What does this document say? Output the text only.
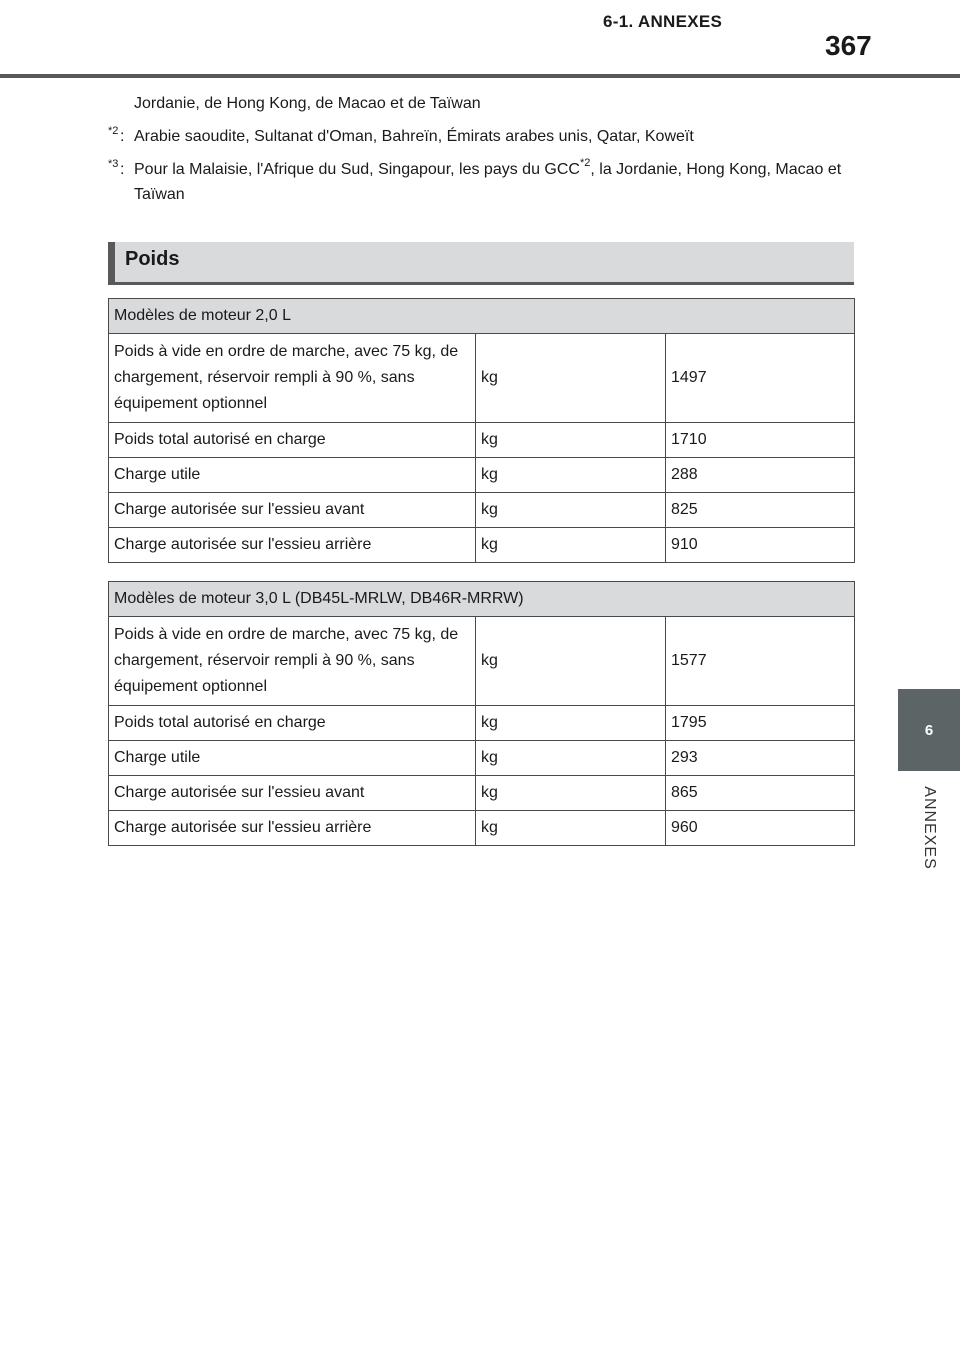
6-1. ANNEXES
367
6
ANNEXES

Jordanie, de Hong Kong, de Macao et de Taïwan

*2 : Arabie saoudite, Sultanat d'Oman, Bahreïn, Émirats arabes unis, Qatar, Koweït

*3 : Pour la Malaisie, l'Afrique du Sud, Singapour, les pays du GCC$^{*2}$, la Jordanie, Hong Kong, Macao et Taïwan

Poids
Modèles de moteur 2,0 L		
Poids à vide en ordre de marche, avec 75 kg, de chargement, réservoir rempli à 90 %, sans équipement optionnel	kg	1497
Poids total autorisé en charge	kg	1710
Charge utile	kg	288
Charge autorisée sur l'essieu avant	kg	825
Charge autorisée sur l'essieu arrière	kg	910
Modèles de moteur 3,0 L (DB45L-MRLW, DB46R-MRRW)		
Poids à vide en ordre de marche, avec 75 kg, de chargement, réservoir rempli à 90 %, sans équipement optionnel	kg	1577
Poids total autorisé en charge	kg	1795
Charge utile	kg	293
Charge autorisée sur l'essieu avant	kg	865
Charge autorisée sur l'essieu arrière	kg	960
